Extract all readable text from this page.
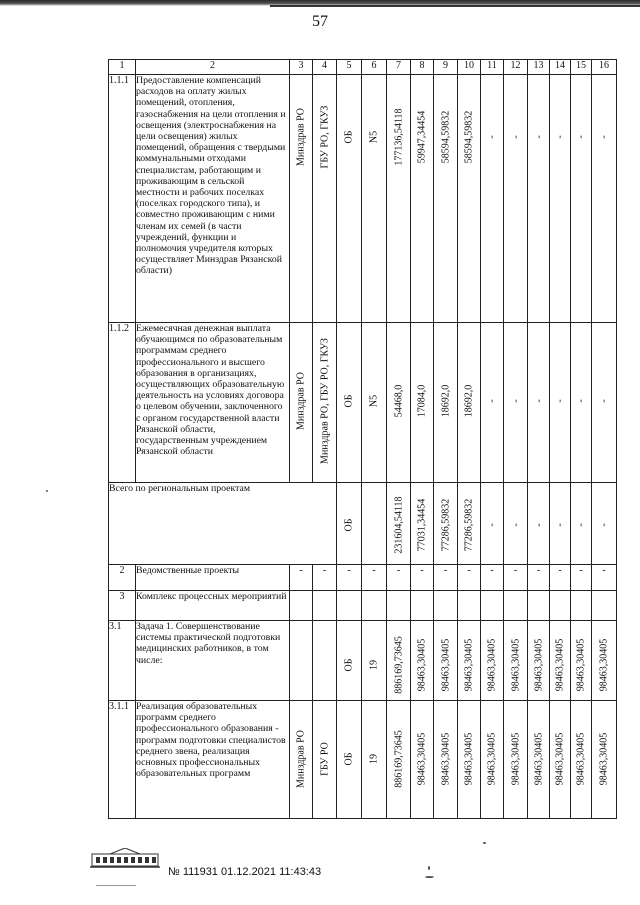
57
1	2	3	4	5	6	7	8	9	10	11	12	13	14	15	16
1.1.1	Предоставление компенсаций расходов на оплату жилых помещений, отопления, газоснабжения на цели отопления и освещения (электроснабжения на цели освещения) жилых помещений, обращения с твердыми коммунальными отходами специалистам, работающим и проживающим в сельской местности и рабочих поселках (поселках городского типа), и совместно проживающим с ними членам их семей (в части учреждений, функции и полномочия учредителя которых осуществляет Минздрав Рязанской области)	Минздрав РО	ГБУ РО, ГКУЗ	ОБ	N5	177136,54118	59947,34454	58594,59832	58594,59832	-	-	-	-	-	-

1.1.2	Ежемесячная денежная выплата обучающимся по образовательным программам среднего профессионального и высшего образования в организациях, осуществляющих образовательную деятельность на условиях договора о целевом обучении, заключенного с органом государственной власти Рязанской области, государственным учреждением Рязанской области	Минздрав РО	Минздрав РО, ГБУ РО, ГКУЗ	ОБ	N5	54468,0	17084,0	18692,0	18692,0	-	-	-	-	-	-

Всего по региональным проектам				ОБ		231604,54118	77031,34454	77286,59832	77286,59832	-	-	-	-	-	-

2	Ведомственные проекты	-	-	-	-	-	-	-	-	-	-	-	-	-	-
3	Комплекс процессных мероприятий														
3.1	Задача 1. Совершенствование системы практической подготовки медицинских работников, в том числе:			ОБ	19	886169,73645	98463,30405	98463,30405	98463,30405	98463,30405	98463,30405	98463,30405	98463,30405	98463,30405	98463,30405

3.1.1	Реализация образовательных программ среднего профессионального образования - программ подготовки специалистов среднего звена, реализация основных профессиональных образовательных программ	Минздрав РО	ГБУ РО	ОБ	19	886169,73645	98463,30405	98463,30405	98463,30405	98463,30405	98463,30405	98463,30405	98463,30405	98463,30405	98463,30405
№ 111931 01.12.2021 11:43:43
